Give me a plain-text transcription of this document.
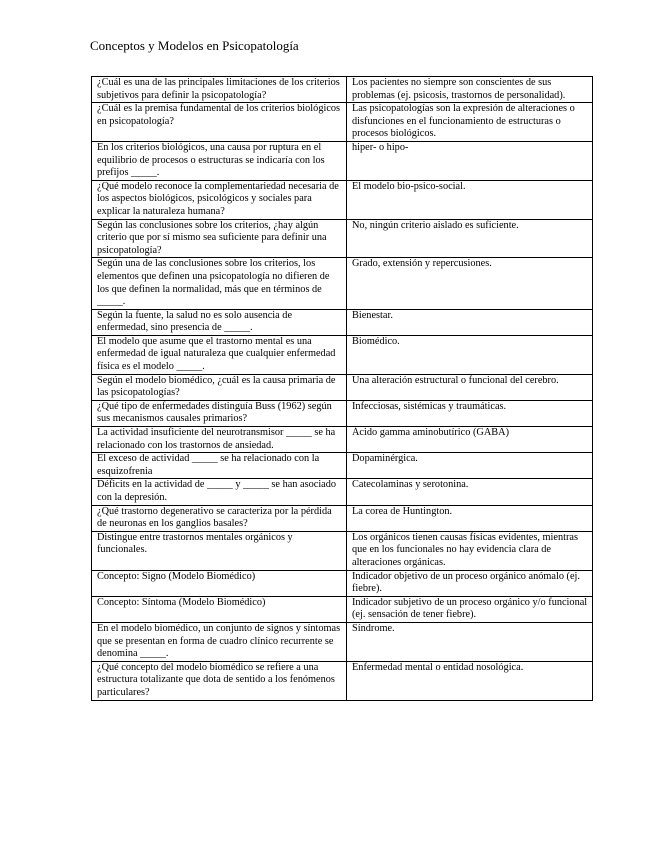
Conceptos y Modelos en Psicopatología
¿Cuál es una de las principales limitaciones de los criterios subjetivos para definir la psicopatología?	Los pacientes no siempre son conscientes de sus problemas (ej. psicosis, trastornos de personalidad).
¿Cuál es la premisa fundamental de los criterios biológicos en psicopatología?	Las psicopatologías son la expresión de alteraciones o disfunciones en el funcionamiento de estructuras o procesos biológicos.
En los criterios biológicos, una causa por ruptura en el equilibrio de procesos o estructuras se indicaría con los prefijos _____.	hiper- o hipo-
¿Qué modelo reconoce la complementariedad necesaria de los aspectos biológicos, psicológicos y sociales para explicar la naturaleza humana?	El modelo bio-psico-social.
Según las conclusiones sobre los criterios, ¿hay algún criterio que por sí mismo sea suficiente para definir una psicopatología?	No, ningún criterio aislado es suficiente.
Según una de las conclusiones sobre los criterios, los elementos que definen una psicopatología no difieren de los que definen la normalidad, más que en términos de _____.	Grado, extensión y repercusiones.
Según la fuente, la salud no es solo ausencia de enfermedad, sino presencia de _____.	Bienestar.
El modelo que asume que el trastorno mental es una enfermedad de igual naturaleza que cualquier enfermedad física es el modelo _____.	Biomédico.
Según el modelo biomédico, ¿cuál es la causa primaria de las psicopatologías?	Una alteración estructural o funcional del cerebro.
¿Qué tipo de enfermedades distinguía Buss (1962) según sus mecanismos causales primarios?	Infecciosas, sistémicas y traumáticas.
La actividad insuficiente del neurotransmisor _____ se ha relacionado con los trastornos de ansiedad.	Ácido gamma aminobutírico (GABA)
El exceso de actividad _____ se ha relacionado con la esquizofrenia	Dopaminérgica.
Déficits en la actividad de _____ y _____ se han asociado con la depresión.	Catecolaminas y serotonina.
¿Qué trastorno degenerativo se caracteriza por la pérdida de neuronas en los ganglios basales?	La corea de Huntington.
Distingue entre trastornos mentales orgánicos y funcionales.	Los orgánicos tienen causas físicas evidentes, mientras que en los funcionales no hay evidencia clara de alteraciones orgánicas.
Concepto: Signo (Modelo Biomédico)	Indicador objetivo de un proceso orgánico anómalo (ej. fiebre).
Concepto: Síntoma (Modelo Biomédico)	Indicador subjetivo de un proceso orgánico y/o funcional (ej. sensación de tener fiebre).
En el modelo biomédico, un conjunto de signos y síntomas que se presentan en forma de cuadro clínico recurrente se denomina _____.	Síndrome.
¿Qué concepto del modelo biomédico se refiere a una estructura totalizante que dota de sentido a los fenómenos particulares?	Enfermedad mental o entidad nosológica.
